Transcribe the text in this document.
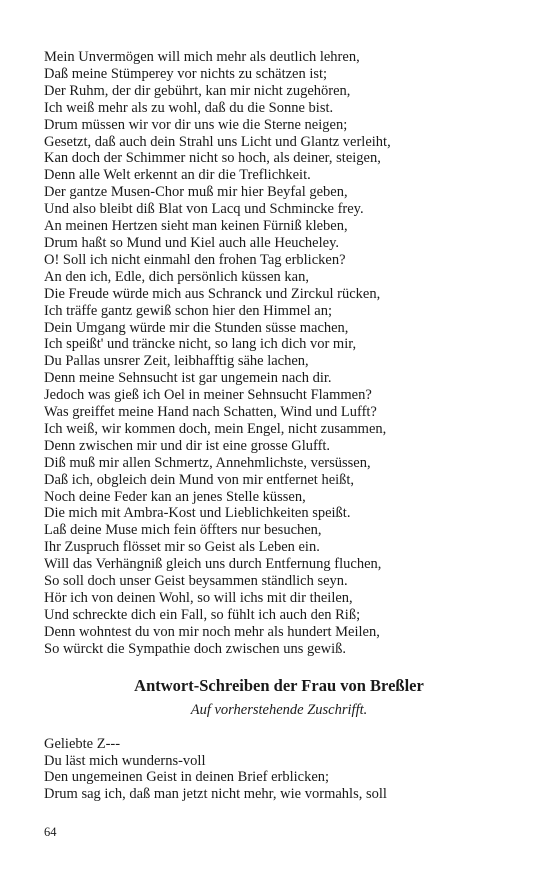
Mein Unvermögen will mich mehr als deutlich lehren,
Daß meine Stümperey vor nichts zu schätzen ist;
Der Ruhm, der dir gebührt, kan mir nicht zugehören,
Ich weiß mehr als zu wohl, daß du die Sonne bist.
Drum müssen wir vor dir uns wie die Sterne neigen;
Gesetzt, daß auch dein Strahl uns Licht und Glantz verleiht,
Kan doch der Schimmer nicht so hoch, als deiner, steigen,
Denn alle Welt erkennt an dir die Treflichkeit.
Der gantze Musen-Chor muß mir hier Beyfal geben,
Und also bleibt diß Blat von Lacq und Schmincke frey.
An meinen Hertzen sieht man keinen Fürniß kleben,
Drum haßt so Mund und Kiel auch alle Heucheley.
O! Soll ich nicht einmahl den frohen Tag erblicken?
An den ich, Edle, dich persönlich küssen kan,
Die Freude würde mich aus Schranck und Zirckul rücken,
Ich träffe gantz gewiß schon hier den Himmel an;
Dein Umgang würde mir die Stunden süsse machen,
Ich speißt' und träncke nicht, so lang ich dich vor mir,
Du Pallas unsrer Zeit, leibhafftig sähe lachen,
Denn meine Sehnsucht ist gar ungemein nach dir.
Jedoch was gieß ich Oel in meiner Sehnsucht Flammen?
Was greiffet meine Hand nach Schatten, Wind und Lufft?
Ich weiß, wir kommen doch, mein Engel, nicht zusammen,
Denn zwischen mir und dir ist eine grosse Glufft.
Diß muß mir allen Schmertz, Annehmlichste, versüssen,
Daß ich, obgleich dein Mund von mir entfernet heißt,
Noch deine Feder kan an jenes Stelle küssen,
Die mich mit Ambra-Kost und Lieblichkeiten speißt.
Laß deine Muse mich fein öffters nur besuchen,
Ihr Zuspruch flösset mir so Geist als Leben ein.
Will das Verhängniß gleich uns durch Entfernung fluchen,
So soll doch unser Geist beysammen ständlich seyn.
Hör ich von deinen Wohl, so will ichs mit dir theilen,
Und schreckte dich ein Fall, so fühlt ich auch den Riß;
Denn wohntest du von mir noch mehr als hundert Meilen,
So würckt die Sympathie doch zwischen uns gewiß.
Antwort-Schreiben der Frau von Breßler
Auf vorherstehende Zuschrifft.
Geliebte Z---
Du läst mich wunderns-voll
Den ungemeinen Geist in deinen Brief erblicken;
Drum sag ich, daß man jetzt nicht mehr, wie vormahls, soll
64
